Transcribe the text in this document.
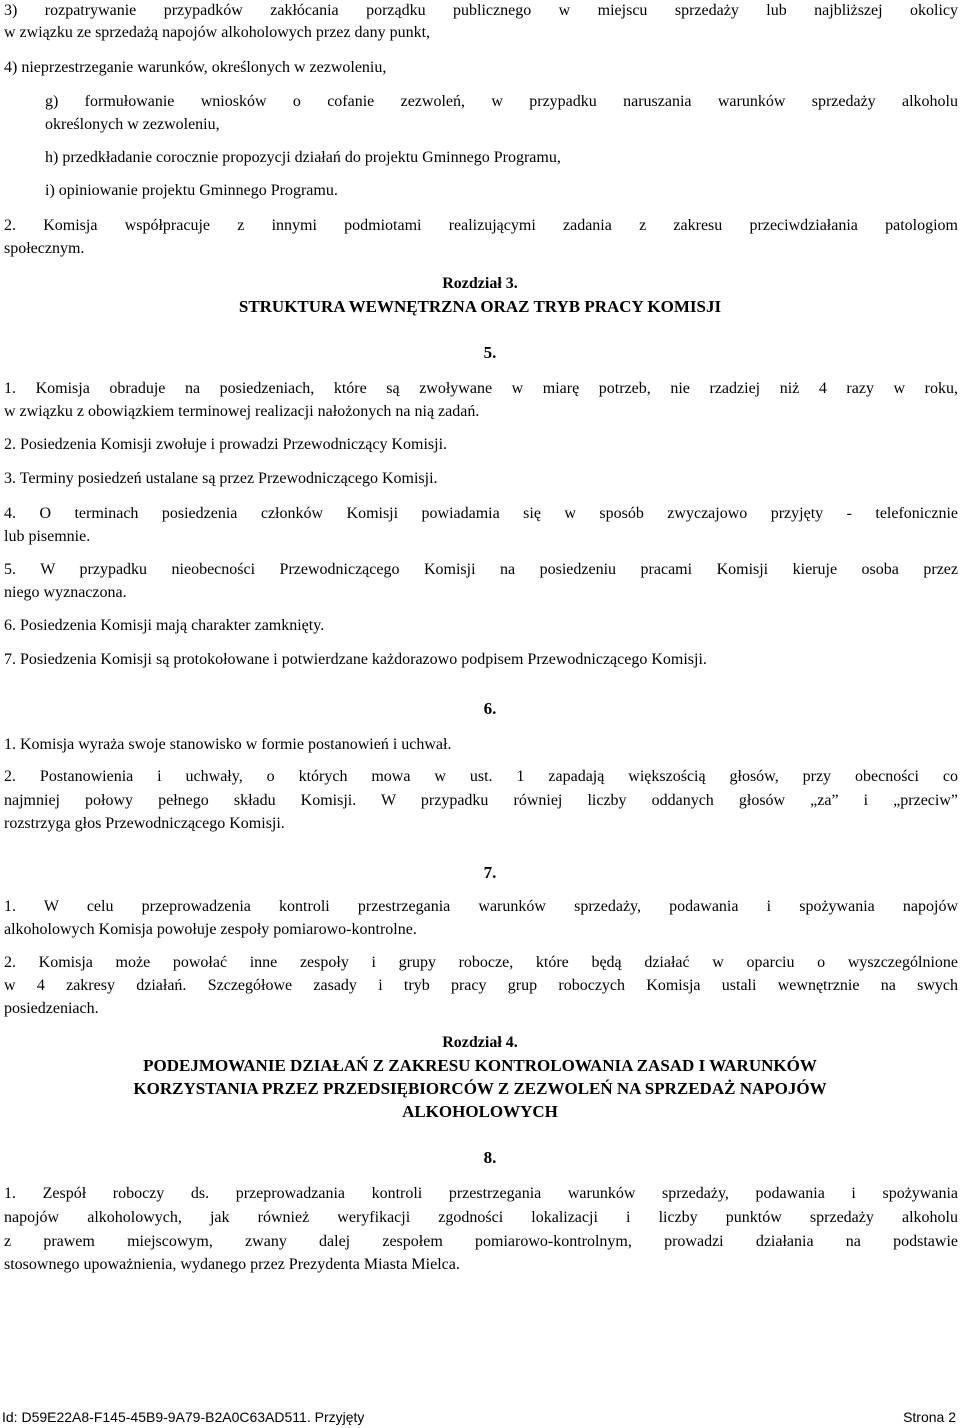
3) rozpatrywanie przypadków zakłócania porządku publicznego w miejscu sprzedaży lub najbliższej okolicy
w związku ze sprzedażą napojów alkoholowych przez dany punkt,
4) nieprzestrzeganie warunków, określonych w zezwoleniu,
g) formułowanie wniosków o cofanie zezwoleń, w przypadku naruszania warunków sprzedaży alkoholu
określonych w zezwoleniu,
h) przedkładanie corocznie propozycji działań do projektu Gminnego Programu,
i) opiniowanie projektu Gminnego Programu.
2. Komisja współpracuje z innymi podmiotami realizującymi zadania z zakresu przeciwdziałania patologiom
społecznym.
Rozdział 3.
STRUKTURA WEWNĘTRZNA ORAZ TRYB PRACY KOMISJI
5.
1. Komisja obraduje na posiedzeniach, które są zwoływane w miarę potrzeb, nie rzadziej niż 4 razy w roku,
w związku z obowiązkiem terminowej realizacji nałożonych na nią zadań.
2. Posiedzenia Komisji zwołuje i prowadzi Przewodniczący Komisji.
3. Terminy posiedzeń ustalane są przez Przewodniczącego Komisji.
4. O terminach posiedzenia członków Komisji powiadamia się w sposób zwyczajowo przyjęty - telefonicznie
lub pisemnie.
5. W przypadku nieobecności Przewodniczącego Komisji na posiedzeniu pracami Komisji kieruje osoba przez
niego wyznaczona.
6. Posiedzenia Komisji mają charakter zamknięty.
7. Posiedzenia Komisji są protokołowane i potwierdzane każdorazowo podpisem Przewodniczącego Komisji.
6.
1. Komisja wyraża swoje stanowisko w formie postanowień i uchwał.
2. Postanowienia i uchwały, o których mowa w ust. 1 zapadają większością głosów, przy obecności co
najmniej połowy pełnego składu Komisji. W przypadku równiej liczby oddanych głosów „za” i „przeciw”
rozstrzyga głos Przewodniczącego Komisji.
7.
1. W celu przeprowadzenia kontroli przestrzegania warunków sprzedaży, podawania i spożywania napojów
alkoholowych Komisja powołuje zespoły pomiarowo-kontrolne.
2. Komisja może powołać inne zespoły i grupy robocze, które będą działać w oparciu o wyszczególnione
w 4 zakresy działań. Szczegółowe zasady i tryb pracy grup roboczych Komisja ustali wewnętrznie na swych
posiedzeniach.
Rozdział 4.
PODEJMOWANIE DZIAŁAŃ Z ZAKRESU KONTROLOWANIA ZASAD I WARUNKÓW
KORZYSTANIA PRZEZ PRZEDSIĘBIORCÓW Z ZEZWOLEŃ NA SPRZEDAŻ NAPOJÓW
ALKOHOLOWYCH
8.
1. Zespół roboczy ds. przeprowadzania kontroli przestrzegania warunków sprzedaży, podawania i spożywania
napojów alkoholowych, jak również weryfikacji zgodności lokalizacji i liczby punktów sprzedaży alkoholu
z prawem miejscowym, zwany dalej zespołem pomiarowo-kontrolnym, prowadzi działania na podstawie
stosownego upoważnienia, wydanego przez Prezydenta Miasta Mielca.
Id: D59E22A8-F145-45B9-9A79-B2A0C63AD511. Przyjęty	Strona 2
